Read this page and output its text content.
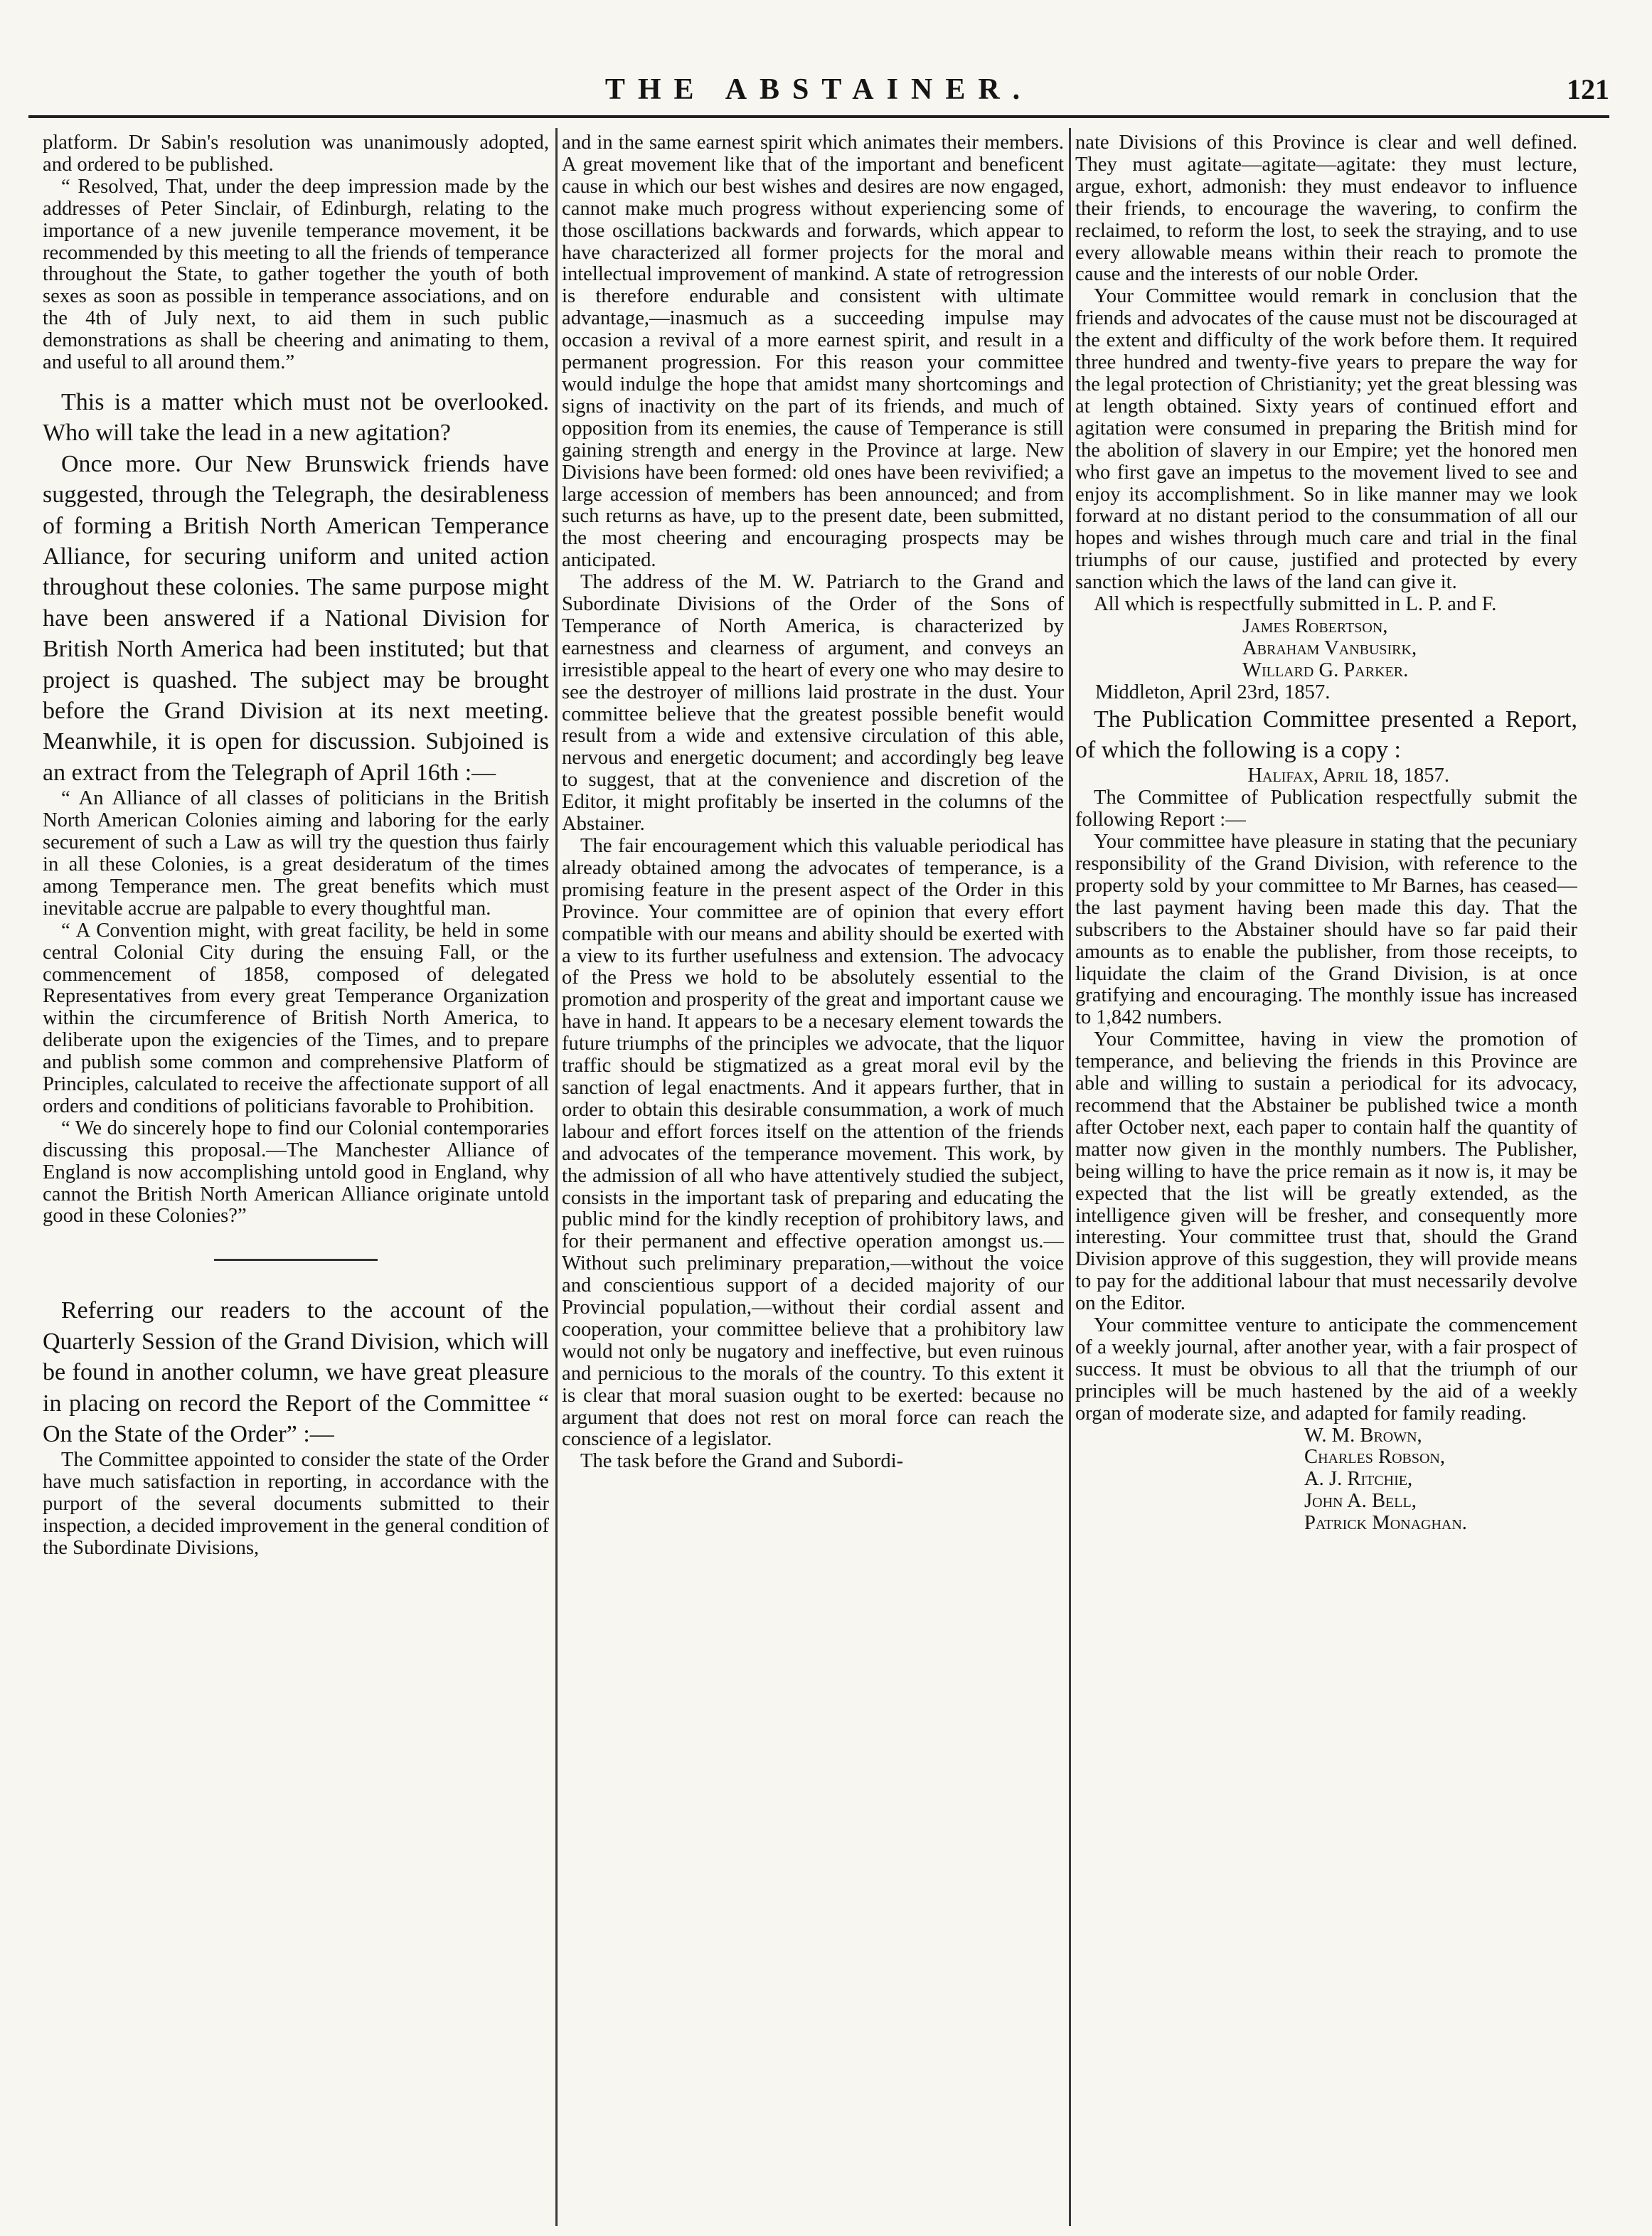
THE ABSTAINER.	121

platform. Dr Sabin's resolution was unanimously adopted, and ordered to be published.

“ Resolved, That, under the deep impression made by the addresses of Peter Sinclair, of Edinburgh, relating to the importance of a new juvenile temperance movement, it be recommended by this meeting to all the friends of temperance throughout the State, to gather together the youth of both sexes as soon as possible in temperance associations, and on the 4th of July next, to aid them in such public demonstrations as shall be cheering and animating to them, and useful to all around them.”

This is a matter which must not be overlooked. Who will take the lead in a new agitation?

Once more. Our New Brunswick friends have suggested, through the Telegraph, the desirableness of forming a British North American Temperance Alliance, for securing uniform and united action throughout these colonies. The same purpose might have been answered if a National Division for British North America had been instituted; but that project is quashed. The subject may be brought before the Grand Division at its next meeting. Meanwhile, it is open for discussion. Subjoined is an extract from the Telegraph of April 16th :—

“ An Alliance of all classes of politicians in the British North American Colonies aiming and laboring for the early securement of such a Law as will try the question thus fairly in all these Colonies, is a great desideratum of the times among Temperance men. The great benefits which must inevitable accrue are palpable to every thoughtful man.

“ A Convention might, with great facility, be held in some central Colonial City during the ensuing Fall, or the commencement of 1858, composed of delegated Representatives from every great Temperance Organization within the circumference of British North America, to deliberate upon the exigencies of the Times, and to prepare and publish some common and comprehensive Platform of Principles, calculated to receive the affectionate support of all orders and conditions of politicians favorable to Prohibition.

“ We do sincerely hope to find our Colonial contemporaries discussing this proposal.—The Manchester Alliance of England is now accomplishing untold good in England, why cannot the British North American Alliance originate untold good in these Colonies?”

Referring our readers to the account of the Quarterly Session of the Grand Division, which will be found in another column, we have great pleasure in placing on record the Report of the Committee “ On the State of the Order” :—

The Committee appointed to consider the state of the Order have much satisfaction in reporting, in accordance with the purport of the several documents submitted to their inspection, a decided improvement in the general condition of the Subordinate Divisions,

and in the same earnest spirit which animates their members. A great movement like that of the important and beneficent cause in which our best wishes and desires are now engaged, cannot make much progress without experiencing some of those oscillations backwards and forwards, which appear to have characterized all former projects for the moral and intellectual improvement of mankind. A state of retrogression is therefore endurable and consistent with ultimate advantage,—inasmuch as a succeeding impulse may occasion a revival of a more earnest spirit, and result in a permanent progression. For this reason your committee would indulge the hope that amidst many shortcomings and signs of inactivity on the part of its friends, and much of opposition from its enemies, the cause of Temperance is still gaining strength and energy in the Province at large. New Divisions have been formed: old ones have been revivified; a large accession of members has been announced; and from such returns as have, up to the present date, been submitted, the most cheering and encouraging prospects may be anticipated.

The address of the M. W. Patriarch to the Grand and Subordinate Divisions of the Order of the Sons of Temperance of North America, is characterized by earnestness and clearness of argument, and conveys an irresistible appeal to the heart of every one who may desire to see the destroyer of millions laid prostrate in the dust. Your committee believe that the greatest possible benefit would result from a wide and extensive circulation of this able, nervous and energetic document; and accordingly beg leave to suggest, that at the convenience and discretion of the Editor, it might profitably be inserted in the columns of the Abstainer.

The fair encouragement which this valuable periodical has already obtained among the advocates of temperance, is a promising feature in the present aspect of the Order in this Province. Your committee are of opinion that every effort compatible with our means and ability should be exerted with a view to its further usefulness and extension. The advocacy of the Press we hold to be absolutely essential to the promotion and prosperity of the great and important cause we have in hand. It appears to be a necesary element towards the future triumphs of the principles we advocate, that the liquor traffic should be stigmatized as a great moral evil by the sanction of legal enactments. And it appears further, that in order to obtain this desirable consummation, a work of much labour and effort forces itself on the attention of the friends and advocates of the temperance movement. This work, by the admission of all who have attentively studied the subject, consists in the important task of preparing and educating the public mind for the kindly reception of prohibitory laws, and for their permanent and effective operation amongst us.—Without such preliminary preparation,—without the voice and conscientious support of a decided majority of our Provincial population,—without their cordial assent and cooperation, your committee believe that a prohibitory law would not only be nugatory and ineffective, but even ruinous and pernicious to the morals of the country. To this extent it is clear that moral suasion ought to be exerted: because no argument that does not rest on moral force can reach the conscience of a legislator.

The task before the Grand and Subordi-

nate Divisions of this Province is clear and well defined. They must agitate—agitate—agitate: they must lecture, argue, exhort, admonish: they must endeavor to influence their friends, to encourage the wavering, to confirm the reclaimed, to reform the lost, to seek the straying, and to use every allowable means within their reach to promote the cause and the interests of our noble Order.

Your Committee would remark in conclusion that the friends and advocates of the cause must not be discouraged at the extent and difficulty of the work before them. It required three hundred and twenty-five years to prepare the way for the legal protection of Christianity; yet the great blessing was at length obtained. Sixty years of continued effort and agitation were consumed in preparing the British mind for the abolition of slavery in our Empire; yet the honored men who first gave an impetus to the movement lived to see and enjoy its accomplishment. So in like manner may we look forward at no distant period to the consummation of all our hopes and wishes through much care and trial in the final triumphs of our cause, justified and protected by every sanction which the laws of the land can give it.

All which is respectfully submitted in L. P. and F.

James Robertson,

Abraham Vanbusirk,

Willard G. Parker.

Middleton, April 23rd, 1857.

The Publication Committee presented a Report, of which the following is a copy :

Halifax, April 18, 1857.

The Committee of Publication respectfully submit the following Report :—

Your committee have pleasure in stating that the pecuniary responsibility of the Grand Division, with reference to the property sold by your committee to Mr Barnes, has ceased—the last payment having been made this day. That the subscribers to the Abstainer should have so far paid their amounts as to enable the publisher, from those receipts, to liquidate the claim of the Grand Division, is at once gratifying and encouraging. The monthly issue has increased to 1,842 numbers.

Your Committee, having in view the promotion of temperance, and believing the friends in this Province are able and willing to sustain a periodical for its advocacy, recommend that the Abstainer be published twice a month after October next, each paper to contain half the quantity of matter now given in the monthly numbers. The Publisher, being willing to have the price remain as it now is, it may be expected that the list will be greatly extended, as the intelligence given will be fresher, and consequently more interesting. Your committee trust that, should the Grand Division approve of this suggestion, they will provide means to pay for the additional labour that must necessarily devolve on the Editor.

Your committee venture to anticipate the commencement of a weekly journal, after another year, with a fair prospect of success. It must be obvious to all that the triumph of our principles will be much hastened by the aid of a weekly organ of moderate size, and adapted for family reading.

W. M. Brown,

Charles Robson,

A. J. Ritchie,

John A. Bell,

Patrick Monaghan.
